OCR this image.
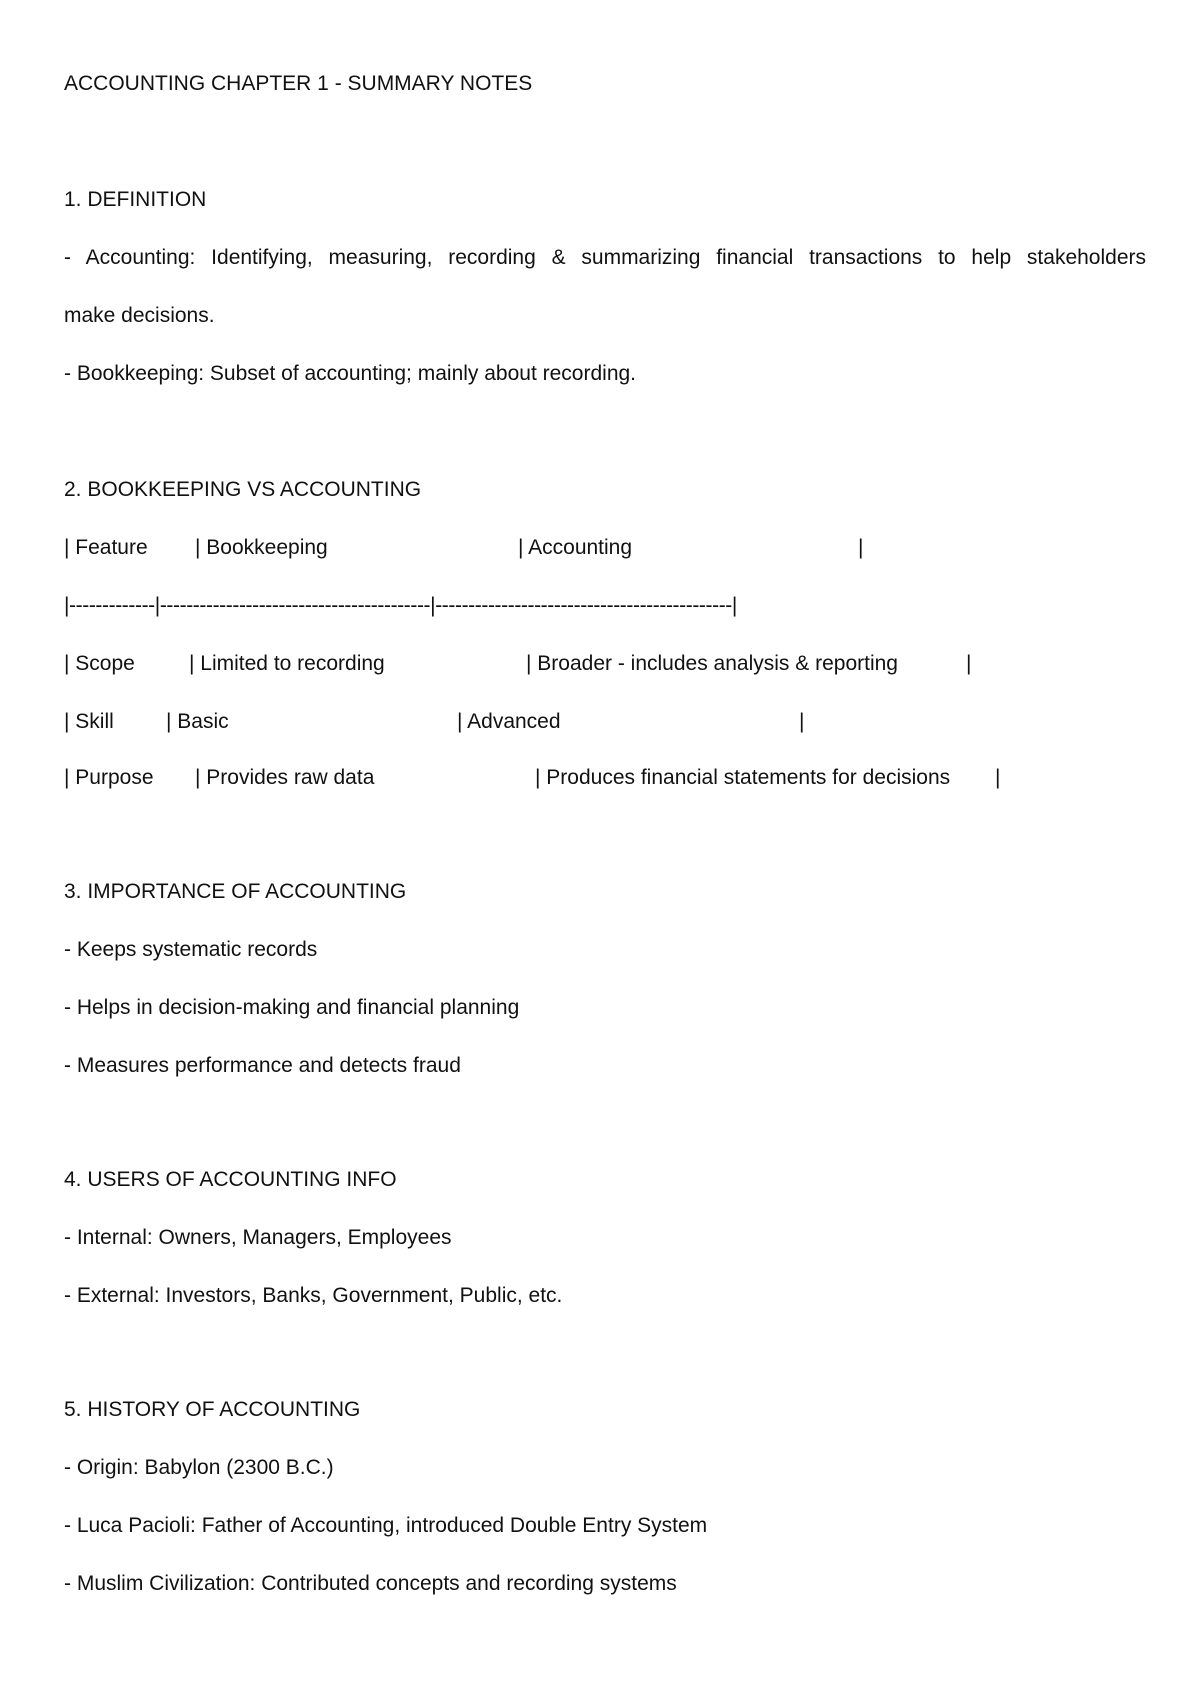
ACCOUNTING CHAPTER 1 - SUMMARY NOTES
1. DEFINITION
- Accounting: Identifying, measuring, recording & summarizing financial transactions to help stakeholders
make decisions.
- Bookkeeping: Subset of accounting; mainly about recording.
2. BOOKKEEPING VS ACCOUNTING
| Feature | Bookkeeping	| Accounting	|
|-------------|-----------------------------------------|---------------------------------------------|
| Scope	| Limited to recording	| Broader - includes analysis & reporting	|
| Skill | Basic	| Advanced	|
| Purpose | Provides raw data	| Produces financial statements for decisions |
3. IMPORTANCE OF ACCOUNTING
- Keeps systematic records
- Helps in decision-making and financial planning
- Measures performance and detects fraud
4. USERS OF ACCOUNTING INFO
- Internal: Owners, Managers, Employees
- External: Investors, Banks, Government, Public, etc.
5. HISTORY OF ACCOUNTING
- Origin: Babylon (2300 B.C.)
- Luca Pacioli: Father of Accounting, introduced Double Entry System
- Muslim Civilization: Contributed concepts and recording systems
